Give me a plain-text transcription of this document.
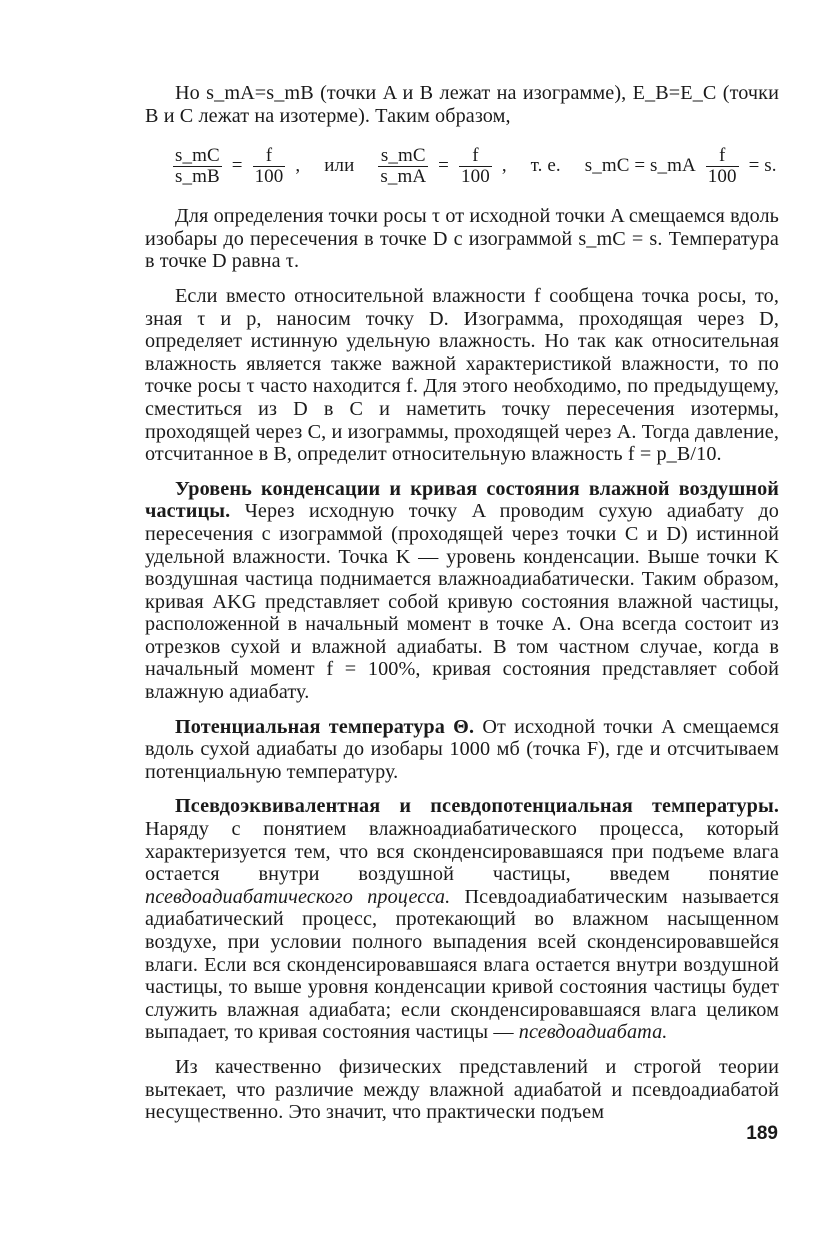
Но s_mA=s_mB (точки A и B лежат на изограмме), E_B=E_C (точки B и C лежат на изотерме). Таким образом,

$\frac{s\_mC}{s\_mB} = \frac{f}{100}$ , или $\frac{s\_mC}{s\_mA} = \frac{f}{100}$ , т. е. s_mC = s_mA $\frac{f}{100} = s$.

Для определения точки росы τ от исходной точки A смещаемся вдоль изобары до пересечения в точке D с изограммой s_mC = s. Температура в точке D равна τ.

Если вместо относительной влажности f сообщена точка росы, то, зная τ и p, наносим точку D. Изограмма, проходящая через D, определяет истинную удельную влажность. Но так как относительная влажность является также важной характеристикой влажности, то по точке росы τ часто находится f. Для этого необходимо, по предыдущему, сместиться из D в C и наметить точку пересечения изотермы, проходящей через C, и изограммы, проходящей через A. Тогда давление, отсчитанное в B, определит относительную влажность f = p_B/10.

Уровень конденсации и кривая состояния влажной воздушной частицы. Через исходную точку A проводим сухую адиабату до пересечения с изограммой (проходящей через точки C и D) истинной удельной влажности. Точка K — уровень конденсации. Выше точки K воздушная частица поднимается влажноадиабатически. Таким образом, кривая AKG представляет собой кривую состояния влажной частицы, расположенной в начальный момент в точке A. Она всегда состоит из отрезков сухой и влажной адиабаты. В том частном случае, когда в начальный момент f = 100%, кривая состояния представляет собой влажную адиабату.

Потенциальная температура Θ. От исходной точки A смещаемся вдоль сухой адиабаты до изобары 1000 мб (точка F), где и отсчитываем потенциальную температуру.

Псевдоэквивалентная и псевдопотенциальная температуры. Наряду с понятием влажноадиабатического процесса, который характеризуется тем, что вся сконденсировавшаяся при подъеме влага остается внутри воздушной частицы, введем понятие псевдоадиабатического процесса. Псевдоадиабатическим называется адиабатический процесс, протекающий во влажном насыщенном воздухе, при условии полного выпадения всей сконденсировавшейся влаги. Если вся сконденсировавшаяся влага остается внутри воздушной частицы, то выше уровня конденсации кривой состояния частицы будет служить влажная адиабата; если сконденсировавшаяся влага целиком выпадает, то кривая состояния частицы — псевдоадиабата.

Из качественно физических представлений и строгой теории вытекает, что различие между влажной адиабатой и псевдоадиабатой несущественно. Это значит, что практически подъем

189
